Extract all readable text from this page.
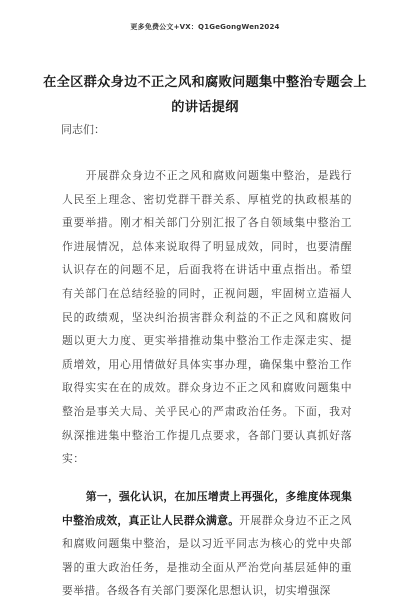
更多免费公文+VX：Q1GeGongWen2024
在全区群众身边不正之风和腐败问题集中整治专题会上的讲话提纲
同志们：

开展群众身边不正之风和腐败问题集中整治，是践行人民至上理念、密切党群干群关系、厚植党的执政根基的重要举措。刚才相关部门分别汇报了各自领域集中整治工作进展情况，总体来说取得了明显成效，同时，也要清醒认识存在的问题不足，后面我将在讲话中重点指出。希望有关部门在总结经验的同时，正视问题，牢固树立造福人民的政绩观，坚决纠治损害群众利益的不正之风和腐败问题以更大力度、更实举措推动集中整治工作走深走实、提质增效，用心用情做好具体实事办理，确保集中整治工作取得实实在在的成效。群众身边不正之风和腐败问题集中整治是事关大局、关乎民心的严肃政治任务。下面，我对纵深推进集中整治工作提几点要求，各部门要认真抓好落实：

第一，强化认识，在加压增责上再强化，多维度体现集中整治成效，真正让人民群众满意。开展群众身边不正之风和腐败问题集中整治，是以习近平同志为核心的党中央部署的重大政治任务，是推动全面从严治党向基层延伸的重要举措。各级各有关部门要深化思想认识，切实增强深
